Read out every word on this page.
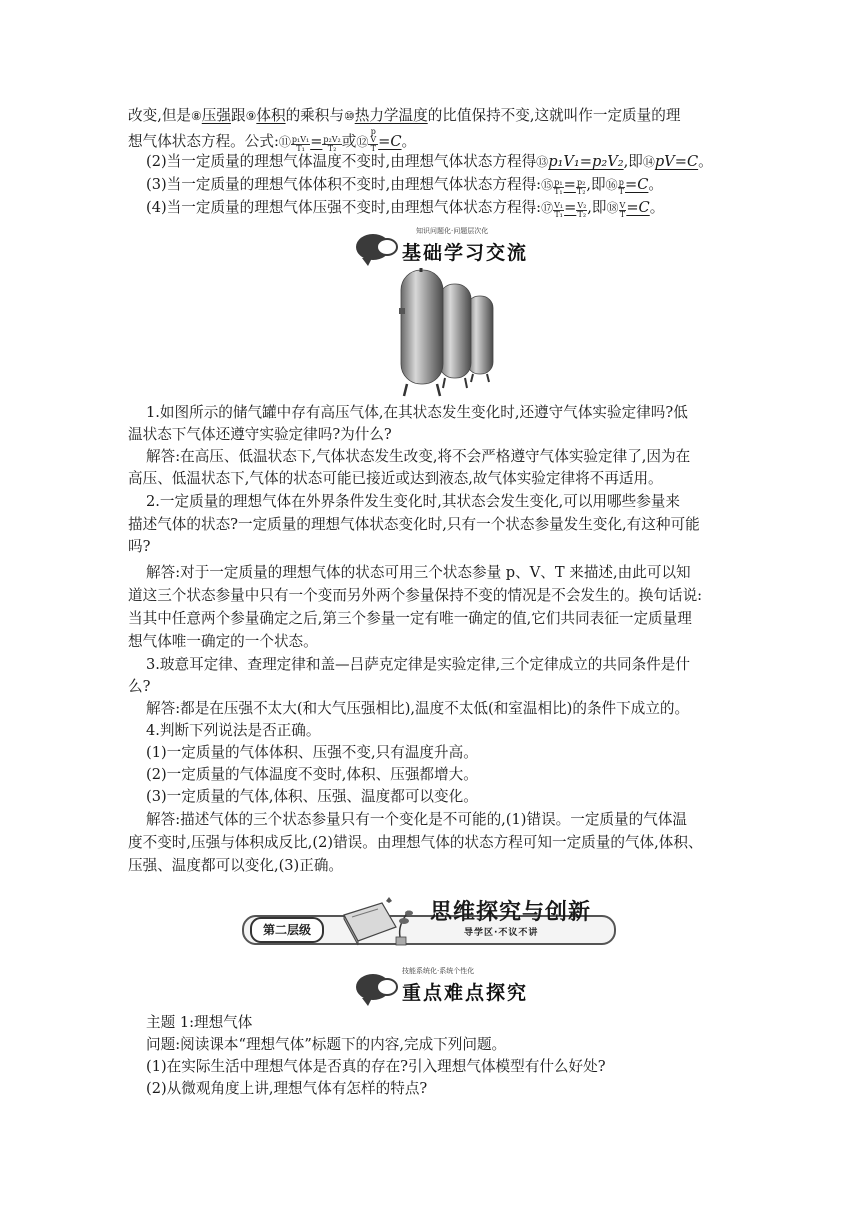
改变,但是⑧压强跟⑨体积的乘积与⑩热力学温度的比值保持不变,这就叫作一定质量的理

想气体状态方程。公式:⑪ $\frac{\text{p₁V₁}}{\text{T₁}} = \frac{\text{p₂V₂}}{\text{T₂}}$ 或⑫ p
V
T =C。

(2)当一定质量的理想气体温度不变时,由理想气体状态方程得⑬p₁V₁=p₂V₂,即⑭pV=C。

(3)当一定质量的理想气体体积不变时,由理想气体状态方程得:⑮ $\frac{\text{p₁}}{\text{T₁}} = \frac{\text{p₂}}{\text{T₂}}$ ,即⑯ $\frac{p}{T} =C$。

(4)当一定质量的理想气体压强不变时,由理想气体状态方程得:⑰ $\frac{\text{V₁}}{\text{T₁}} = \frac{\text{V₂}}{\text{T₂}}$ ,即⑱ $\frac{V}{T} =C$。

基础学习交流
知识问题化·问题层次化

1.如图所示的储气罐中存有高压气体,在其状态发生变化时,还遵守气体实验定律吗?低

温状态下气体还遵守实验定律吗?为什么?

解答:在高压、低温状态下,气体状态发生改变,将不会严格遵守气体实验定律了,因为在

高压、低温状态下,气体的状态可能已接近或达到液态,故气体实验定律将不再适用。

2.一定质量的理想气体在外界条件发生变化时,其状态会发生变化,可以用哪些参量来

描述气体的状态?一定质量的理想气体状态变化时,只有一个状态参量发生变化,有这种可能

吗?

解答:对于一定质量的理想气体的状态可用三个状态参量 p、V、T 来描述,由此可以知

道这三个状态参量中只有一个变而另外两个参量保持不变的情况是不会发生的。换句话说:

当其中任意两个参量确定之后,第三个参量一定有唯一确定的值,它们共同表征一定质量理

想气体唯一确定的一个状态。

3.玻意耳定律、查理定律和盖—吕萨克定律是实验定律,三个定律成立的共同条件是什

么?

解答:都是在压强不太大(和大气压强相比),温度不太低(和室温相比)的条件下成立的。

4.判断下列说法是否正确。

(1)一定质量的气体体积、压强不变,只有温度升高。

(2)一定质量的气体温度不变时,体积、压强都增大。

(3)一定质量的气体,体积、压强、温度都可以变化。

解答:描述气体的三个状态参量只有一个变化是不可能的,(1)错误。一定质量的气体温

度不变时,压强与体积成反比,(2)错误。由理想气体的状态方程可知一定质量的气体,体积、

压强、温度都可以变化,(3)正确。

第二层级
思维探究与创新
导学区·不议不讲
重点难点探究
技能系统化·系统个性化

主题 1:理想气体

问题:阅读课本“理想气体”标题下的内容,完成下列问题。

(1)在实际生活中理想气体是否真的存在?引入理想气体模型有什么好处?

(2)从微观角度上讲,理想气体有怎样的特点?
